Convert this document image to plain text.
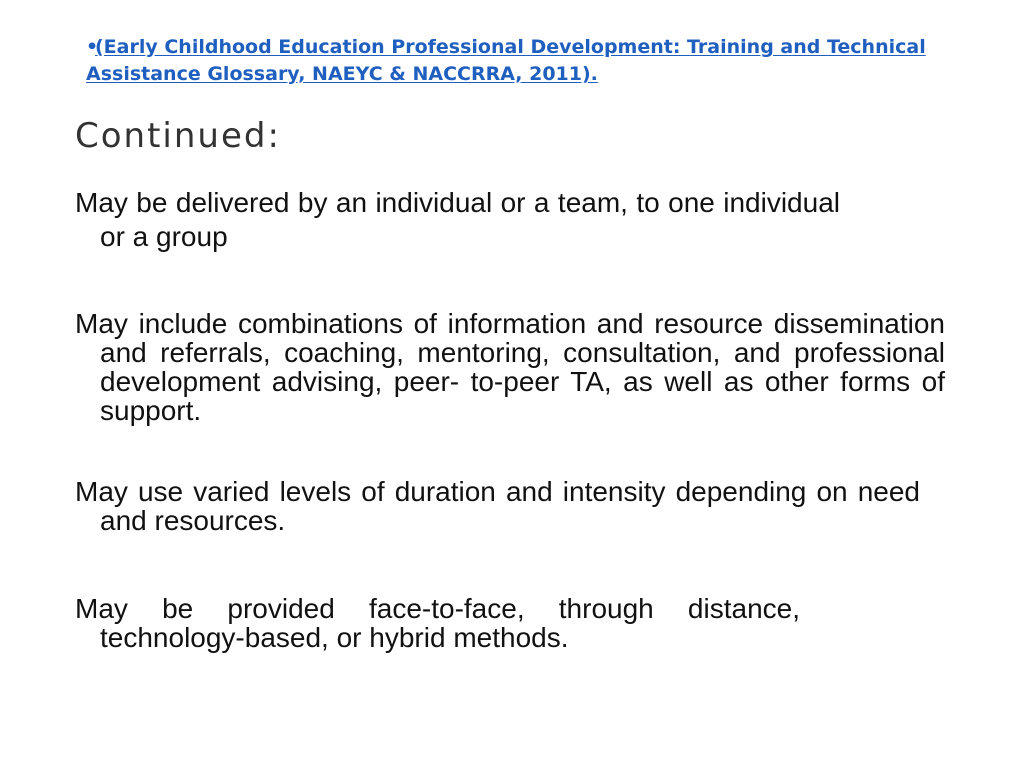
•(Early Childhood Education Professional Development: Training and Technical Assistance Glossary, NAEYC & NACCRRA, 2011).
Continued:
May be delivered by an individual or a team, to one individual or a group
May include combinations of information and resource dissemination and referrals, coaching, mentoring, consultation, and professional development advising, peer- to-peer TA, as well as other forms of support.
May use varied levels of duration and intensity depending on need and resources.
May be provided face-to-face, through distance, technology-based, or hybrid methods.
